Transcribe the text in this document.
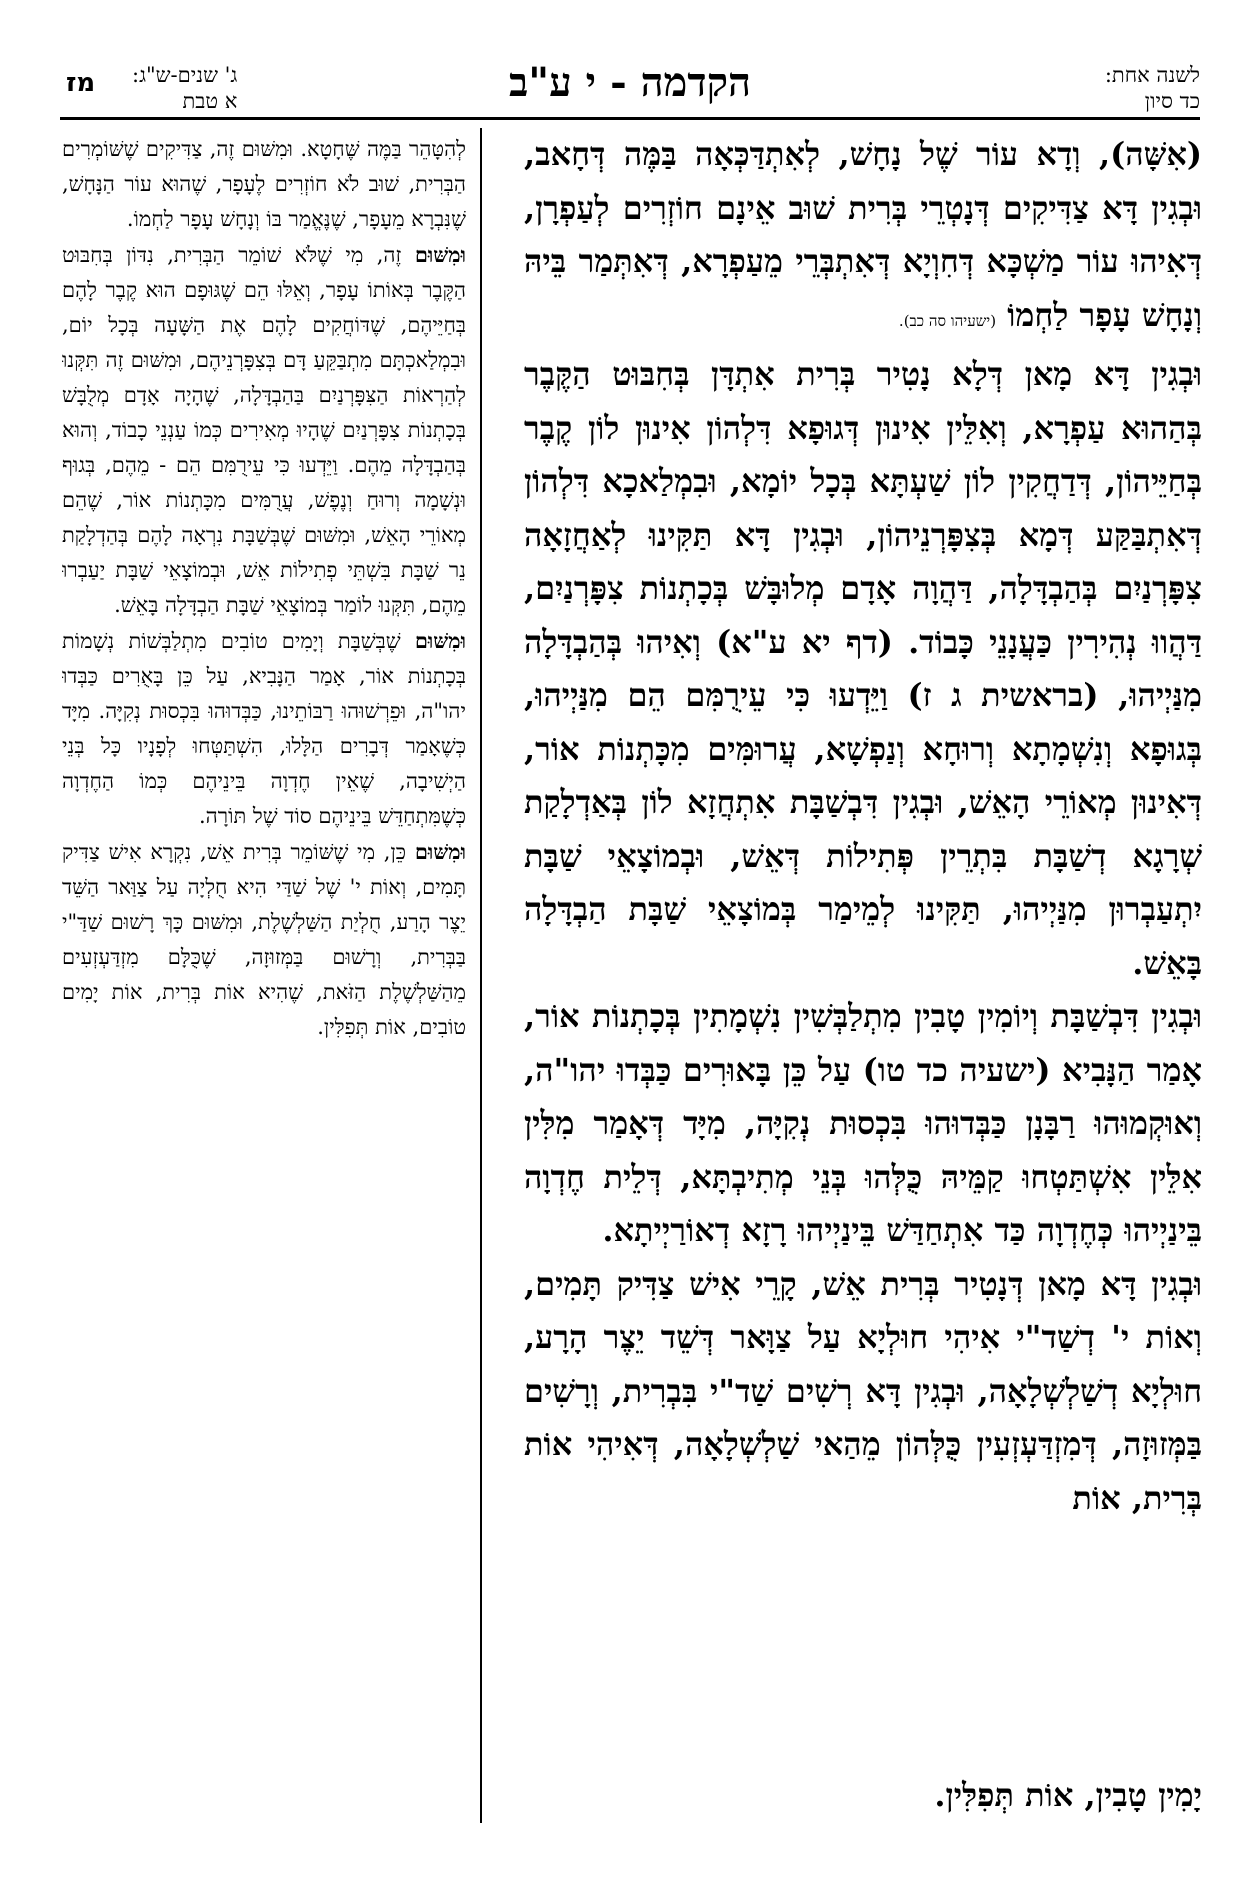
לשנה אחת:
כד סיון
הקדמה - י ע"ב
ג' שנים-ש"ג:
א טבת
מז

(אִשָּׁה), וְדָא עוֹר שֶׁל נָחָשׁ, לְאִתְדַּכְּאָה בַּמֶּה דְּחָאב, וּבְגִין דָּא צַדִּיקִים דְּנָטְרֵי בְּרִית שׁוּב אֵינָם חוֹזְרִים לְעַפְרָן, דְּאִיהוּ עוֹר מַשְׁכָּא דְּחִוְיָא דְּאִתְבְּרֵי מֵעַפְרָא, דְּאִתְּמַר בֵּיהּ וְנָחָשׁ עָפָר לַחְמוֹ (ישעיהו סה כב).

וּבְגִין דָּא מָאן דְּלָא נָטִיר בְּרִית אִתְדָּן בְּחִבּוּט הַקֶּבֶר בְּהַהוּא עַפְרָא, וְאִלֵּין אִינוּן דְּגוּפָא דִּלְהוֹן אִינוּן לוֹן קֶבֶר בְּחַיֵּיהוֹן, דְּדַחֲקִין לוֹן שַׁעְתָּא בְּכָל יוֹמָא, וּבִמְלַאכָא דִּלְהוֹן דְּאִתְבַּקַּע דְּמָא בְּצִפָּרְנֵיהוֹן, וּבְגִין דָּא תַּקִּינוּ לְאַחֲזָאָה צִפָּרְנַיִם בְּהַבְדָּלָה, דַּהֲוָה אָדָם מְלוּבָּשׁ בְּכָתְנוֹת צִפָּרְנַיִם, דַּהֲווּ נְהִירִין כַּעֲנָנֵי כָּבוֹד. (דף יא ע"א) וְאִיהוּ בְּהַבְדָּלָה מִנַּיְיהוּ, (בראשית ג ז) וַיֵּדְעוּ כִּי עֵירֻמִּם הֵם מִנַּיְיהוּ, בְּגוּפָא וְנִשְׁמָתָא וְרוּחָא וְנַפְשָׁא, עֲרוּמִּים מִכָּתְנוֹת אוֹר, דְּאִינוּן מְאוֹרֵי הָאֵשׁ, וּבְגִין דִּבְשַׁבָּת אִתְחֲזָא לוֹן בְּאַדְלָקַת שְׁרָגָא דְשַׁבָּת בִּתְרֵין פְּתִילוֹת דְּאֵשׁ, וּבְמוֹצָאֵי שַׁבָּת יִתְעַבְרוּן מִנַּיְיהוּ, תַּקִּינוּ לְמֵימַר בְּמוֹצָאֵי שַׁבָּת הַבְדָּלָה בָּאֵשׁ.

וּבְגִין דִּבְשַׁבָּת וְיוֹמִין טָבִין מִתְלַבְּשִׁין נִשְׁמָתִין בְּכָתְנוֹת אוֹר, אָמַר הַנָּבִיא (ישעיה כד טו) עַל כֵּן בָּאוּרִים כַּבְּדוּ יהו"ה, וְאוּקְמוּהוּ רַבָּנָן כַּבְּדוּהוּ בִּכְסוּת נְקִיָּה, מִיָּד דְּאָמַר מִלִּין אִלֵּין אִשְׁתַּטְחוּ קַמֵּיהּ כֻּלְּהוּ בְּנֵי מְתִיבְתָּא, דְּלֵית חֶדְוָה בֵּינַיְיהוּ כְּחֶדְוָה כַּד אִתְחַדַּשׁ בֵּינַיְיהוּ רָזָא דְאוֹרַיְיתָא.

וּבְגִין דָּא מָאן דְּנָטִיר בְּרִית אֵשׁ, קָרֵי אִישׁ צַדִּיק תָּמִים, וְאוֹת י' דְשַׁד"י אִיהִי חוּלְיָא עַל צַוָּאר דְּשֵׁד יֵצֶר הָרָע, חוּלְיָא דְשַׁלְשְׁלָאָה, וּבְגִין דָּא רְשִׁים שַׁד"י בִּבְרִית, וְרָשִׁים בַּמְּזוּזָה, דְּמִזְדַּעְזְעִין כֻּלְּהוֹן מֵהַאי שַׁלְשְׁלָאָה, דְּאִיהִי אוֹת בְּרִית, אוֹת

לְהִטָּהֵר בַּמֶּה שֶּׁחָטָא. וּמִשּׁוּם זֶה, צַדִּיקִים שֶׁשּׁוֹמְרִים הַבְּרִית, שׁוּב לֹא חוֹזְרִים לֶעָפָר, שֶׁהוּא עוֹר הַנָּחָשׁ, שֶׁנִּבְרָא מֵעָפָר, שֶׁנֶּאֱמַר בּוֹ וְנָחָשׁ עָפָר לַחְמוֹ.

וּמִשּׁוּם זֶה, מִי שֶׁלֹּא שׁוֹמֵר הַבְּרִית, נִדּוֹן בְּחִבּוּט הַקֶּבֶר בְּאוֹתוֹ עָפָר, וְאֵלּוּ הֵם שֶׁגּוּפָם הוּא קֶבֶר לָהֶם בְּחַיֵּיהֶם, שֶׁדּוֹחֲקִים לָהֶם אֶת הַשָּׁעָה בְּכָל יוֹם, וּבִמְלַאכְתָּם מִתְבַּקֵּעַ דָּם בְּצִפָּרְנֵיהֶם, וּמִשּׁוּם זֶה תִּקְּנוּ לְהַרְאוֹת הַצִּפָּרְנַיִם בַּהַבְדָּלָה, שֶׁהָיָה אָדָם מְלֻבָּשׁ בְּכָתְנוֹת צִפָּרְנַיִם שֶׁהָיוּ מְאִירִים כְּמוֹ עַנְנֵי כָבוֹד, וְהוּא בְּהַבְדָּלָה מֵהֶם. וַיֵּדְעוּ כִּי עֵירֻמִּם הֵם - מֵהֶם, בְּגוּף וּנְשָׁמָה וְרוּחַ וְנֶפֶשׁ, עֲרֻמִּים מִכָּתְנוֹת אוֹר, שֶׁהֵם מְאוֹרֵי הָאֵשׁ, וּמִשּׁוּם שֶׁבְּשַׁבָּת נִרְאָה לָהֶם בְּהַדְלָקַת נֵר שַׁבָּת בִּשְׁתֵּי פְתִילוֹת אֵשׁ, וּבְמוֹצָאֵי שַׁבָּת יַעַבְרוּ מֵהֶם, תִּקְּנוּ לוֹמַר בְּמוֹצָאֵי שַׁבָּת הַבְדָּלָה בָּאֵשׁ.

וּמִשּׁוּם שֶׁבְּשַׁבָּת וְיָמִים טוֹבִים מִתְלַבְּשׁוֹת נְשָׁמוֹת בְּכָתְנוֹת אוֹר, אָמַר הַנָּבִיא, עַל כֵּן בָּאֻרִים כַּבְּדוּ יהו"ה, וּפֵרְשׁוּהוּ רַבּוֹתֵינוּ, כַּבְּדוּהוּ בִּכְסוּת נְקִיָּה. מִיָּד כְּשֶׁאָמַר דְּבָרִים הַלָּלוּ, הִשְׁתַּטְּחוּ לְפָנָיו כָּל בְּנֵי הַיְשִׁיבָה, שֶׁאֵין חֶדְוָה בֵּינֵיהֶם כְּמוֹ הַחֶדְוָה כְּשֶׁמִּתְחַדֵּשׁ בֵּינֵיהֶם סוֹד שֶׁל תּוֹרָה.

וּמִשּׁוּם כֵּן, מִי שֶׁשּׁוֹמֵר בְּרִית אֵשׁ, נִקְרָא אִישׁ צַדִּיק תָּמִים, וְאוֹת י' שֶׁל שַׁדַּי הִיא חֻלְיָה עַל צַוַּאר הַשֵּׁד יֵצֶר הָרַע, חֻלְיַת הַשַּׁלְשֶׁלֶת, וּמִשּׁוּם כָּךְ רָשׁוּם שַׁדַּ"י בַּבְּרִית, וְרָשׁוּם בַּמְּזוּזָה, שֶׁכֻּלָּם מִזְדַּעְזְעִים מֵהַשַּׁלְשֶׁלֶת הַזֹּאת, שֶׁהִיא אוֹת בְּרִית, אוֹת יָמִים טוֹבִים, אוֹת תְּפִלִּין.

יָמִין טָבִין, אוֹת תְּפִלִּין.
